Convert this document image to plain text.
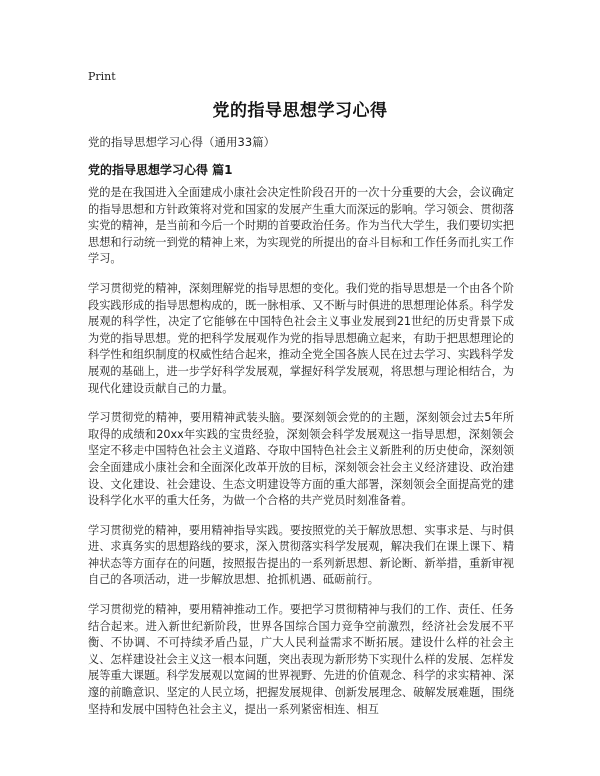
Print
党的指导思想学习心得
党的指导思想学习心得（通用33篇）
党的指导思想学习心得 篇1

党的是在我国进入全面建成小康社会决定性阶段召开的一次十分重要的大会，会议确定的指导思想和方针政策将对党和国家的发展产生重大而深远的影响。学习领会、贯彻落实党的精神，是当前和今后一个时期的首要政治任务。作为当代大学生，我们要切实把思想和行动统一到党的精神上来，为实现党的所提出的奋斗目标和工作任务而扎实工作学习。

学习贯彻党的精神，深刻理解党的指导思想的变化。我们党的指导思想是一个由各个阶段实践形成的指导思想构成的，既一脉相承、又不断与时俱进的思想理论体系。科学发展观的科学性，决定了它能够在中国特色社会主义事业发展到21世纪的历史背景下成为党的指导思想。党的把科学发展观作为党的指导思想确立起来，有助于把思想理论的科学性和组织制度的权威性结合起来，推动全党全国各族人民在过去学习、实践科学发展观的基础上，进一步学好科学发展观，掌握好科学发展观，将思想与理论相结合，为现代化建设贡献自己的力量。

学习贯彻党的精神，要用精神武装头脑。要深刻领会党的的主题，深刻领会过去5年所取得的成绩和20xx年实践的宝贵经验，深刻领会科学发展观这一指导思想，深刻领会坚定不移走中国特色社会主义道路、夺取中国特色社会主义新胜利的历史使命，深刻领会全面建成小康社会和全面深化改革开放的目标，深刻领会社会主义经济建设、政治建设、文化建设、社会建设、生态文明建设等方面的重大部署，深刻领会全面提高党的建设科学化水平的重大任务，为做一个合格的共产党员时刻准备着。

学习贯彻党的精神，要用精神指导实践。要按照党的关于解放思想、实事求是、与时俱进、求真务实的思想路线的要求，深入贯彻落实科学发展观，解决我们在课上课下、精神状态等方面存在的问题，按照报告提出的一系列新思想、新论断、新举措，重新审视自己的各项活动，进一步解放思想、抢抓机遇、砥砺前行。

学习贯彻党的精神，要用精神推动工作。要把学习贯彻精神与我们的工作、责任、任务结合起来。进入新世纪新阶段，世界各国综合国力竞争空前激烈，经济社会发展不平衡、不协调、不可持续矛盾凸显，广大人民利益需求不断拓展。建设什么样的社会主义、怎样建设社会主义这一根本问题，突出表现为新形势下实现什么样的发展、怎样发展等重大课题。科学发展观以宽阔的世界视野、先进的价值观念、科学的求实精神、深邃的前瞻意识、坚定的人民立场，把握发展规律、创新发展理念、破解发展难题，围绕坚持和发展中国特色社会主义，提出一系列紧密相连、相互
